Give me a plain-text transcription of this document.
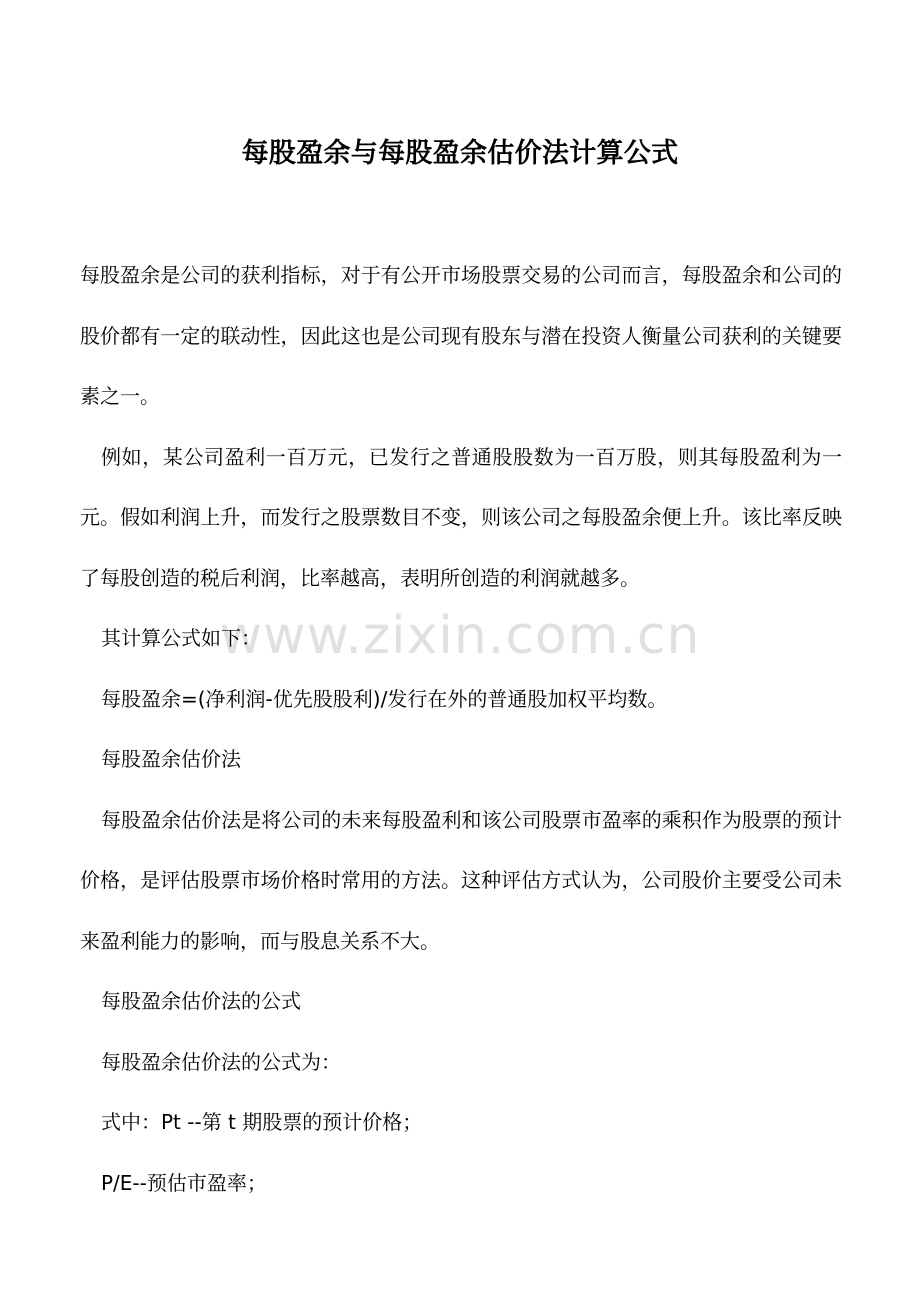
每股盈余与每股盈余估价法计算公式
www.zixin.com.cn

每股盈余是公司的获利指标，对于有公开市场股票交易的公司而言，每股盈余和公司的股价都有一定的联动性，因此这也是公司现有股东与潜在投资人衡量公司获利的关键要素之一。

例如，某公司盈利一百万元，已发行之普通股股数为一百万股，则其每股盈利为一元。假如利润上升，而发行之股票数目不变，则该公司之每股盈余便上升。该比率反映了每股创造的税后利润，比率越高，表明所创造的利润就越多。

其计算公式如下：

每股盈余=(净利润-优先股股利)/发行在外的普通股加权平均数。

每股盈余估价法

每股盈余估价法是将公司的未来每股盈利和该公司股票市盈率的乘积作为股票的预计价格，是评估股票市场价格时常用的方法。这种评估方式认为，公司股价主要受公司未来盈利能力的影响，而与股息关系不大。

每股盈余估价法的公式

每股盈余估价法的公式为：

式中：Pt --第 t 期股票的预计价格；

P/E--预估市盈率；
